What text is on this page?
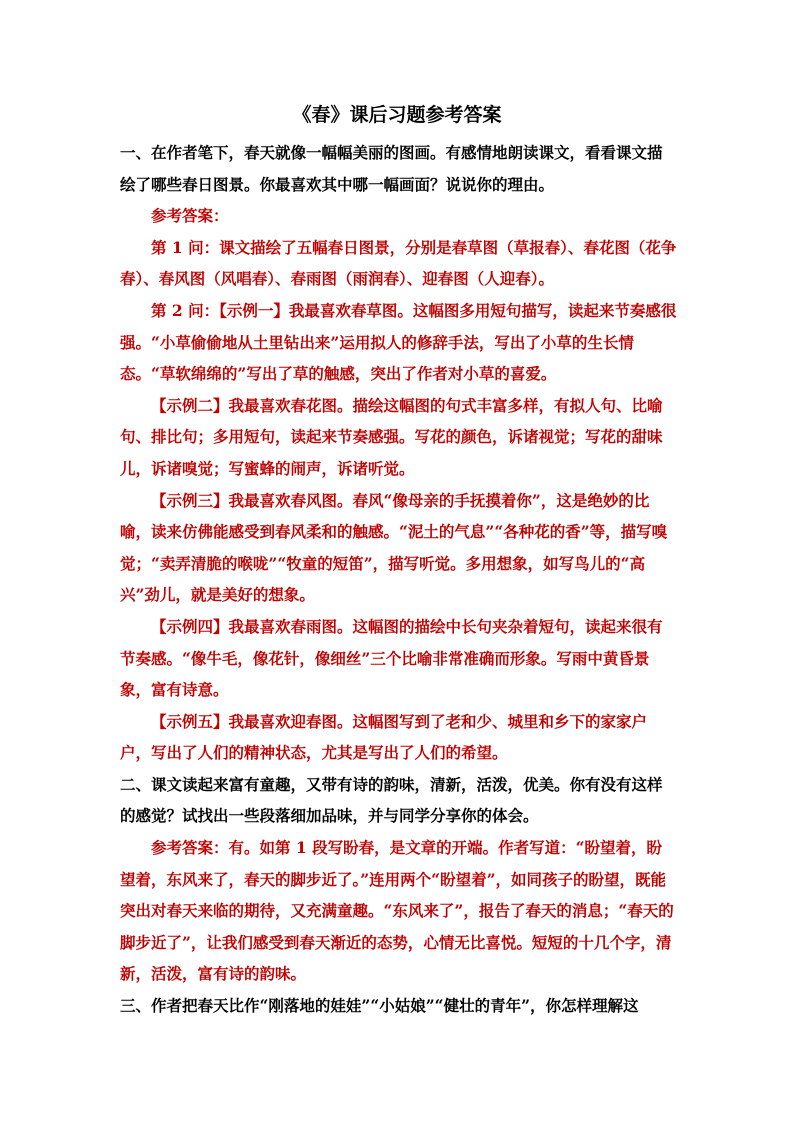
《春》课后习题参考答案

一、在作者笔下，春天就像一幅幅美丽的图画。有感情地朗读课文，看看课文描绘了哪些春日图景。你最喜欢其中哪一幅画面？说说你的理由。

参考答案：

第 1 问：课文描绘了五幅春日图景，分别是春草图（草报春）、春花图（花争春）、春风图（风唱春）、春雨图（雨润春）、迎春图（人迎春）。

第 2 问：【示例一】我最喜欢春草图。这幅图多用短句描写，读起来节奏感很强。“小草偷偷地从土里钻出来”运用拟人的修辞手法，写出了小草的生长情态。“草软绵绵的”写出了草的触感，突出了作者对小草的喜爱。

【示例二】我最喜欢春花图。描绘这幅图的句式丰富多样，有拟人句、比喻句、排比句；多用短句，读起来节奏感强。写花的颜色，诉诸视觉；写花的甜味儿，诉诸嗅觉；写蜜蜂的闹声，诉诸听觉。

【示例三】我最喜欢春风图。春风“像母亲的手抚摸着你”，这是绝妙的比喻，读来仿佛能感受到春风柔和的触感。“泥土的气息”“各种花的香”等，描写嗅觉；“卖弄清脆的喉咙”“牧童的短笛”，描写听觉。多用想象，如写鸟儿的“高兴”劲儿，就是美好的想象。

【示例四】我最喜欢春雨图。这幅图的描绘中长句夹杂着短句，读起来很有节奏感。“像牛毛，像花针，像细丝”三个比喻非常准确而形象。写雨中黄昏景象，富有诗意。

【示例五】我最喜欢迎春图。这幅图写到了老和少、城里和乡下的家家户户，写出了人们的精神状态，尤其是写出了人们的希望。

二、课文读起来富有童趣，又带有诗的韵味，清新，活泼，优美。你有没有这样的感觉？试找出一些段落细加品味，并与同学分享你的体会。

参考答案：有。如第 1 段写盼春，是文章的开端。作者写道：“盼望着，盼望着，东风来了，春天的脚步近了。”连用两个“盼望着”，如同孩子的盼望，既能突出对春天来临的期待，又充满童趣。“东风来了”，报告了春天的消息；“春天的脚步近了”，让我们感受到春天渐近的态势，心情无比喜悦。短短的十几个字，清新，活泼，富有诗的韵味。

三、作者把春天比作“刚落地的娃娃”“小姑娘”“健壮的青年”，你怎样理解这
